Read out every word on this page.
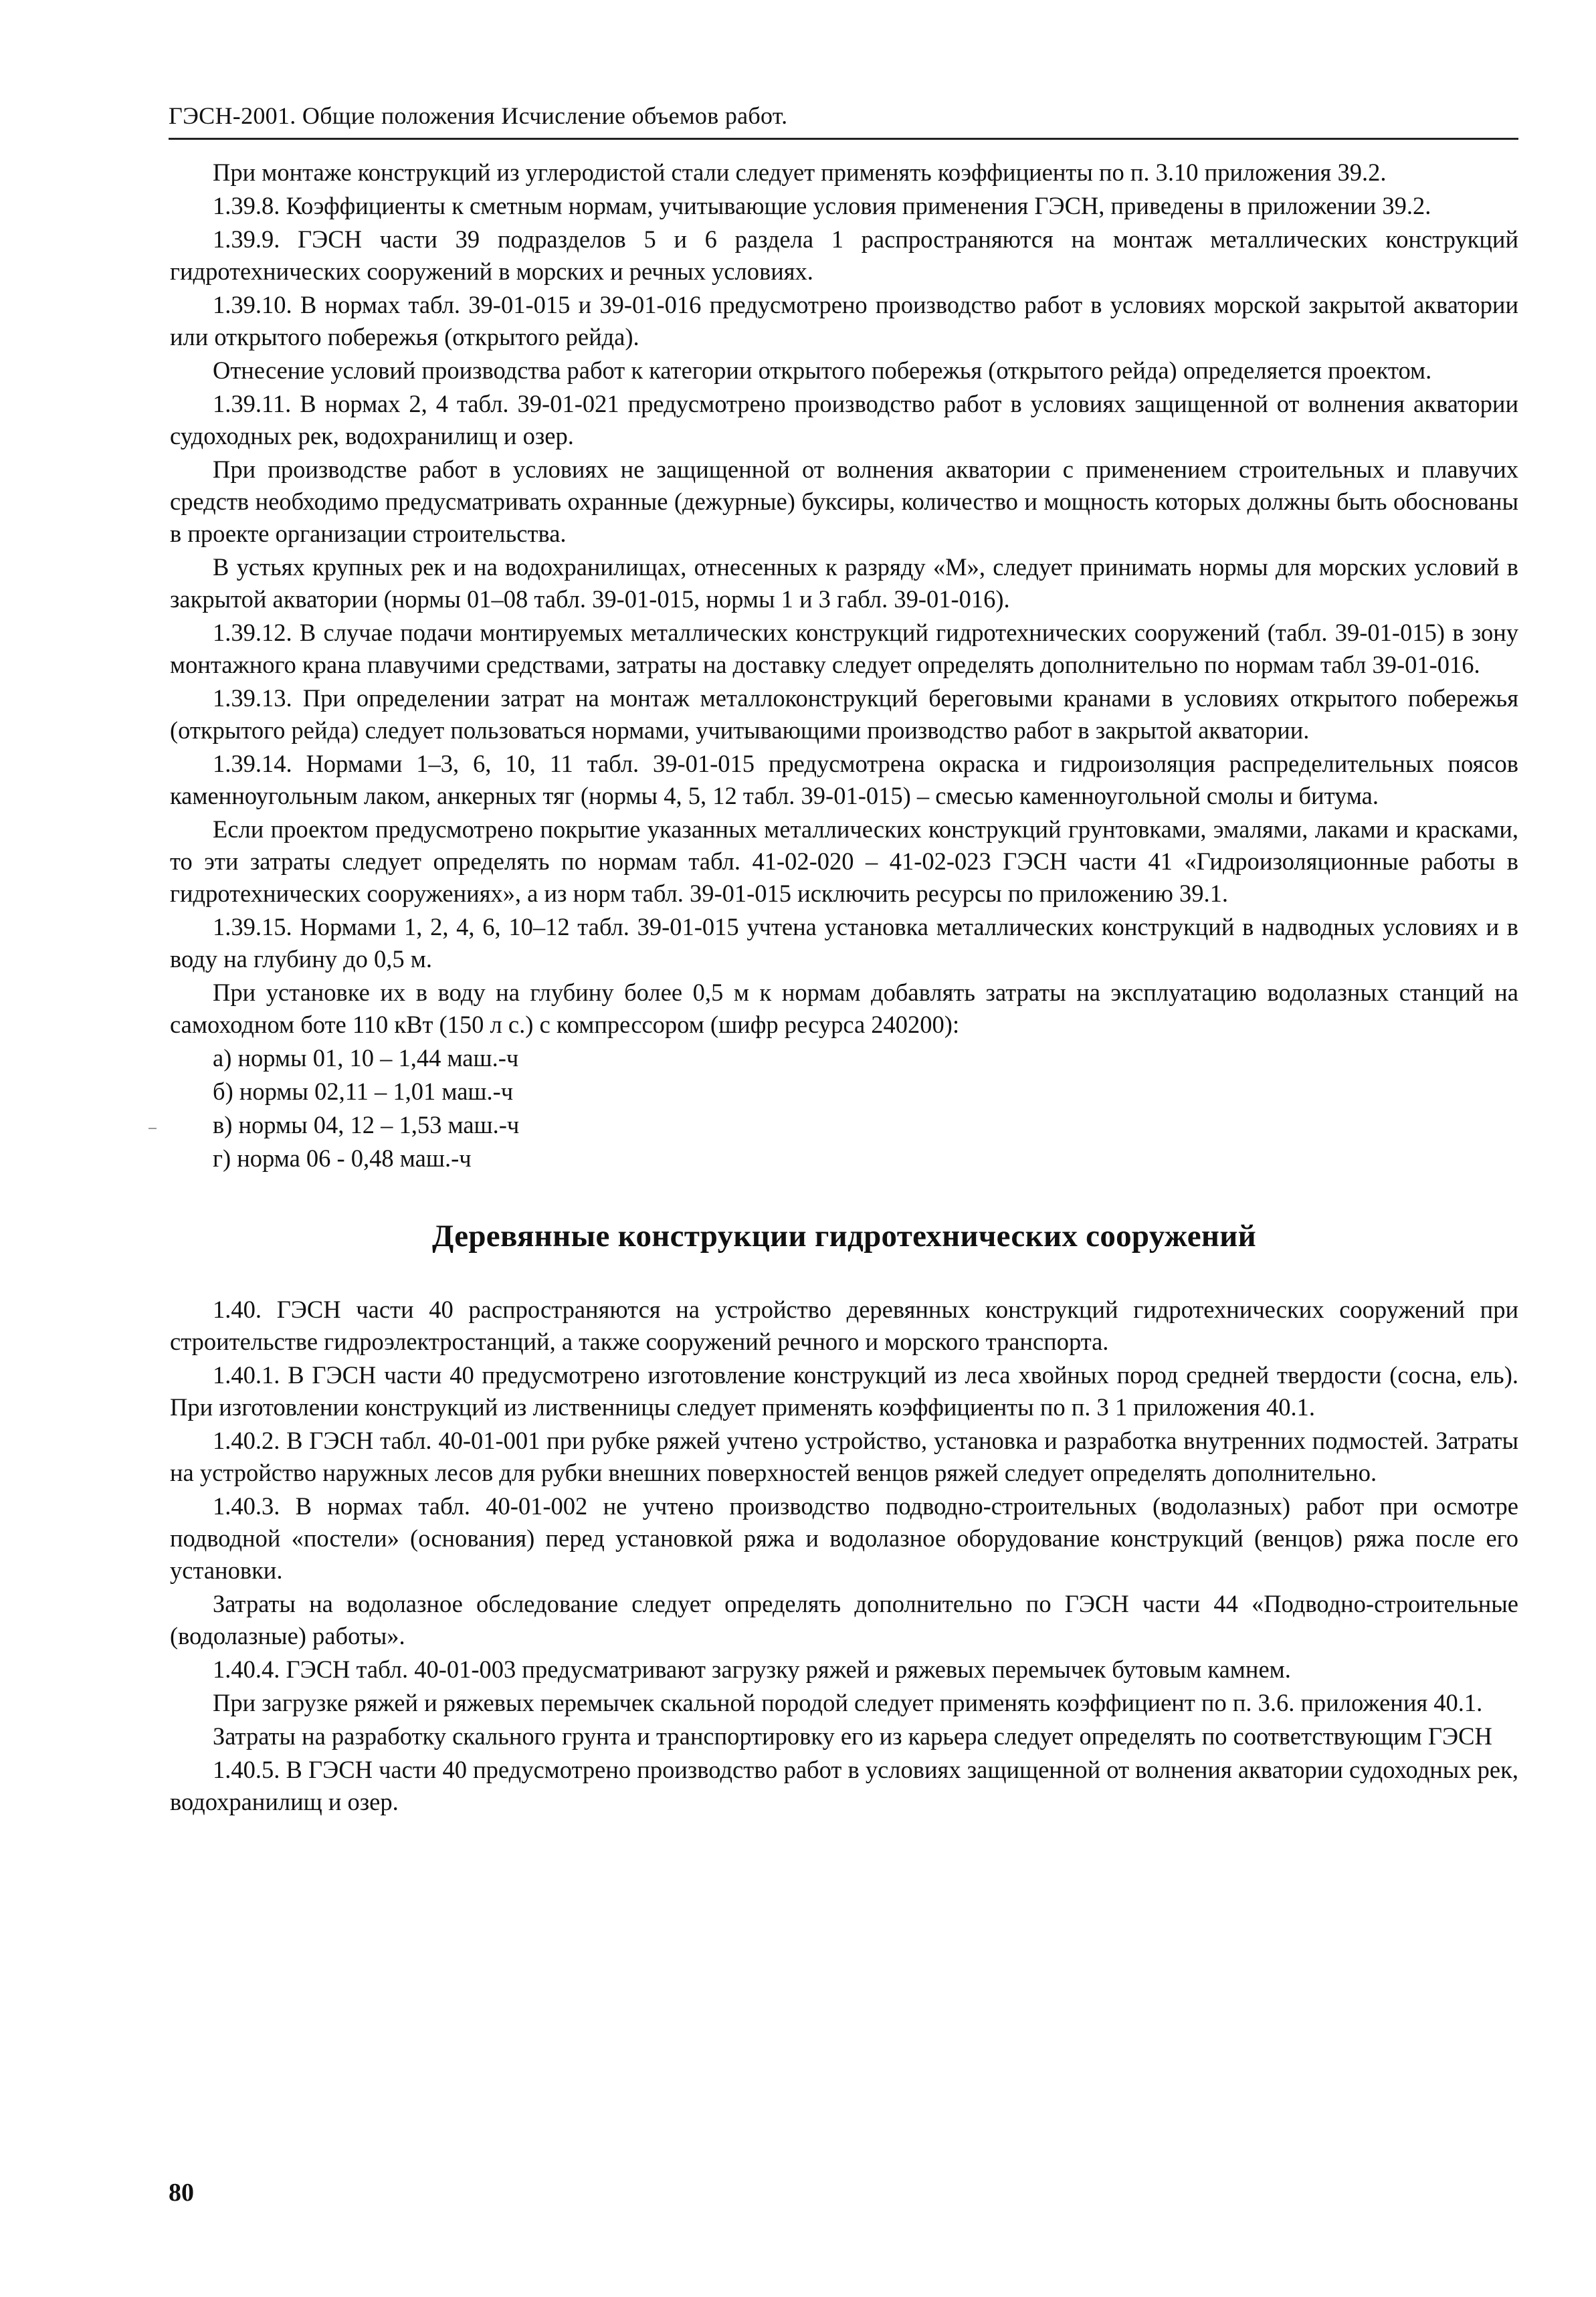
ГЭСН-2001. Общие положения Исчисление объемов работ.

При монтаже конструкций из углеродистой стали следует применять коэффициенты по п. 3.10 приложения 39.2.

1.39.8. Коэффициенты к сметным нормам, учитывающие условия применения ГЭСН, приведены в приложении 39.2.

1.39.9. ГЭСН части 39 подразделов 5 и 6 раздела 1 распространяются на монтаж металлических конструкций гидротехнических сооружений в морских и речных условиях.

1.39.10. В нормах табл. 39-01-015 и 39-01-016 предусмотрено производство работ в условиях морской закрытой акватории или открытого побережья (открытого рейда).

Отнесение условий производства работ к категории открытого побережья (открытого рейда) определяется проектом.

1.39.11. В нормах 2, 4 табл. 39-01-021 предусмотрено производство работ в условиях защищенной от волнения акватории судоходных рек, водохранилищ и озер.

При производстве работ в условиях не защищенной от волнения акватории с применением строительных и плавучих средств необходимо предусматривать охранные (дежурные) буксиры, количество и мощность которых должны быть обоснованы в проекте организации строительства.

В устьях крупных рек и на водохранилищах, отнесенных к разряду «М», следует принимать нормы для морских условий в закрытой акватории (нормы 01–08 табл. 39-01-015, нормы 1 и 3 габл. 39-01-016).

1.39.12. В случае подачи монтируемых металлических конструкций гидротехнических сооружений (табл. 39-01-015) в зону монтажного крана плавучими средствами, затраты на доставку следует определять дополнительно по нормам табл 39-01-016.

1.39.13. При определении затрат на монтаж металлоконструкций береговыми кранами в условиях открытого побережья (открытого рейда) следует пользоваться нормами, учитывающими производство работ в закрытой акватории.

1.39.14. Нормами 1–3, 6, 10, 11 табл. 39-01-015 предусмотрена окраска и гидроизоляция распределительных поясов каменноугольным лаком, анкерных тяг (нормы 4, 5, 12 табл. 39-01-015) – смесью каменноугольной смолы и битума.

Если проектом предусмотрено покрытие указанных металлических конструкций грунтовками, эмалями, лаками и красками, то эти затраты следует определять по нормам табл. 41-02-020 – 41-02-023 ГЭСН части 41 «Гидроизоляционные работы в гидротехнических сооружениях», а из норм табл. 39-01-015 исключить ресурсы по приложению 39.1.

1.39.15. Нормами 1, 2, 4, 6, 10–12 табл. 39-01-015 учтена установка металлических конструкций в надводных условиях и в воду на глубину до 0,5 м.

При установке их в воду на глубину более 0,5 м к нормам добавлять затраты на эксплуатацию водолазных станций на самоходном боте 110 кВт (150 л с.) с компрессором (шифр ресурса 240200):

а) нормы 01, 10 – 1,44 маш.-ч

б) нормы 02,11 – 1,01 маш.-ч

в) нормы 04, 12 – 1,53 маш.-ч

г) норма 06 - 0,48 маш.-ч

Деревянные конструкции гидротехнических сооружений

1.40. ГЭСН части 40 распространяются на устройство деревянных конструкций гидротехнических сооружений при строительстве гидроэлектростанций, а также сооружений речного и морского транспорта.

1.40.1. В ГЭСН части 40 предусмотрено изготовление конструкций из леса хвойных пород средней твердости (сосна, ель). При изготовлении конструкций из лиственницы следует применять коэффициенты по п. 3 1 приложения 40.1.

1.40.2. В ГЭСН табл. 40-01-001 при рубке ряжей учтено устройство, установка и разработка внутренних подмостей. Затраты на устройство наружных лесов для рубки внешних поверхностей венцов ряжей следует определять дополнительно.

1.40.3. В нормах табл. 40-01-002 не учтено производство подводно-строительных (водолазных) работ при осмотре подводной «постели» (основания) перед установкой ряжа и водолазное оборудование конструкций (венцов) ряжа после его установки.

Затраты на водолазное обследование следует определять дополнительно по ГЭСН части 44 «Подводно-строительные (водолазные) работы».

1.40.4. ГЭСН табл. 40-01-003 предусматривают загрузку ряжей и ряжевых перемычек бутовым камнем.

При загрузке ряжей и ряжевых перемычек скальной породой следует применять коэффициент по п. 3.6. приложения 40.1.

Затраты на разработку скального грунта и транспортировку его из карьера следует определять по соответствующим ГЭСН

1.40.5. В ГЭСН части 40 предусмотрено производство работ в условиях защищенной от волнения акватории судоходных рек, водохранилищ и озер.

80
